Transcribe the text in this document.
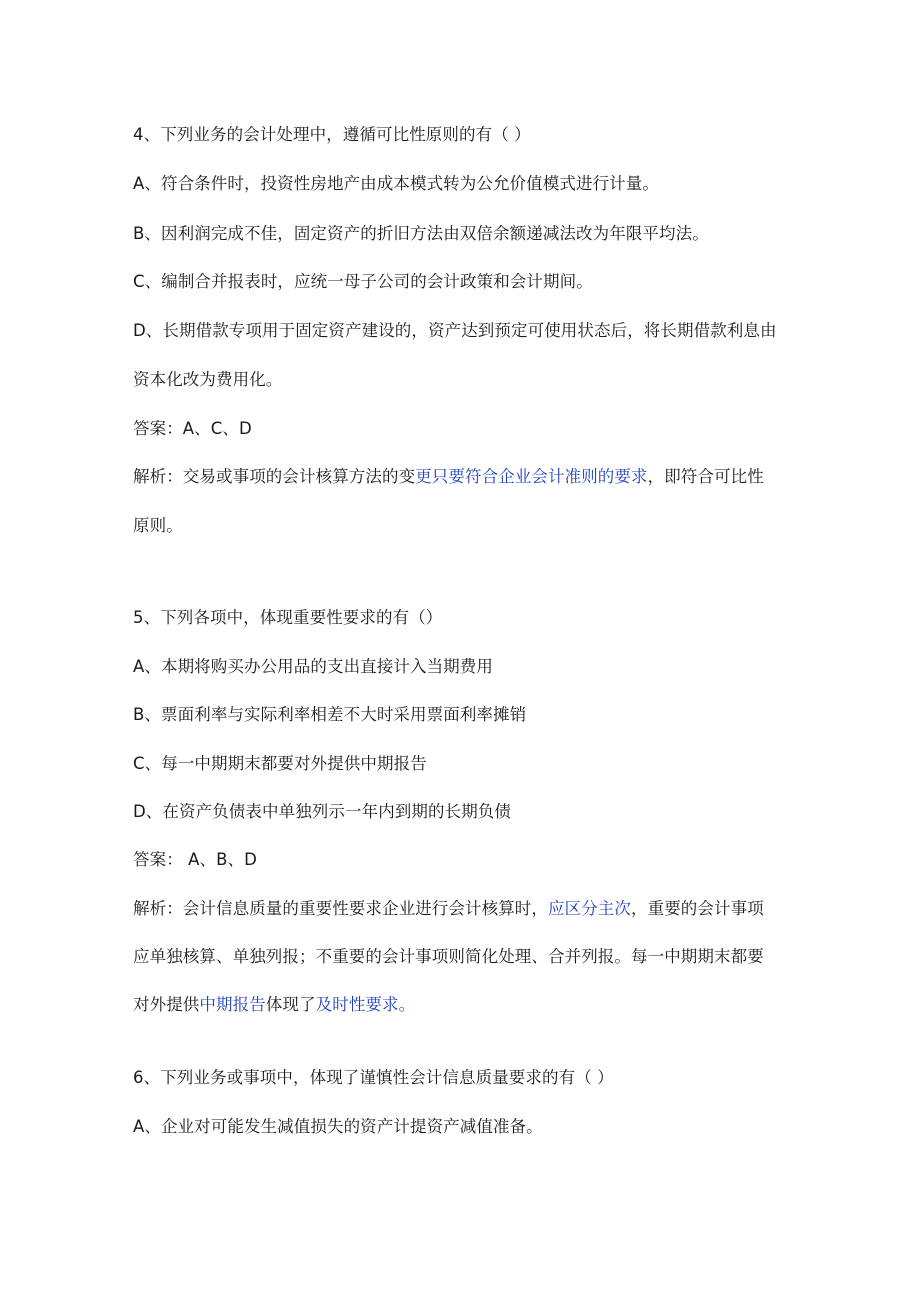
4、下列业务的会计处理中，遵循可比性原则的有（ ）
A、符合条件时，投资性房地产由成本模式转为公允价值模式进行计量。
B、因利润完成不佳，固定资产的折旧方法由双倍余额递减法改为年限平均法。
C、编制合并报表时，应统一母子公司的会计政策和会计期间。
D、长期借款专项用于固定资产建设的，资产达到预定可使用状态后，将长期借款利息由
资本化改为费用化。
答案：A、C、D
解析：交易或事项的会计核算方法的变更只要符合企业会计准则的要求，即符合可比性
原则。
5、下列各项中，体现重要性要求的有（）
A、本期将购买办公用品的支出直接计入当期费用
B、票面利率与实际利率相差不大时采用票面利率摊销
C、每一中期期末都要对外提供中期报告
D、在资产负债表中单独列示一年内到期的长期负债
答案： A、B、D
解析：会计信息质量的重要性要求企业进行会计核算时，应区分主次，重要的会计事项
应单独核算、单独列报；不重要的会计事项则简化处理、合并列报。每一中期期末都要
对外提供中期报告体现了及时性要求。
6、下列业务或事项中，体现了谨慎性会计信息质量要求的有（ ）
A、企业对可能发生减值损失的资产计提资产减值准备。
